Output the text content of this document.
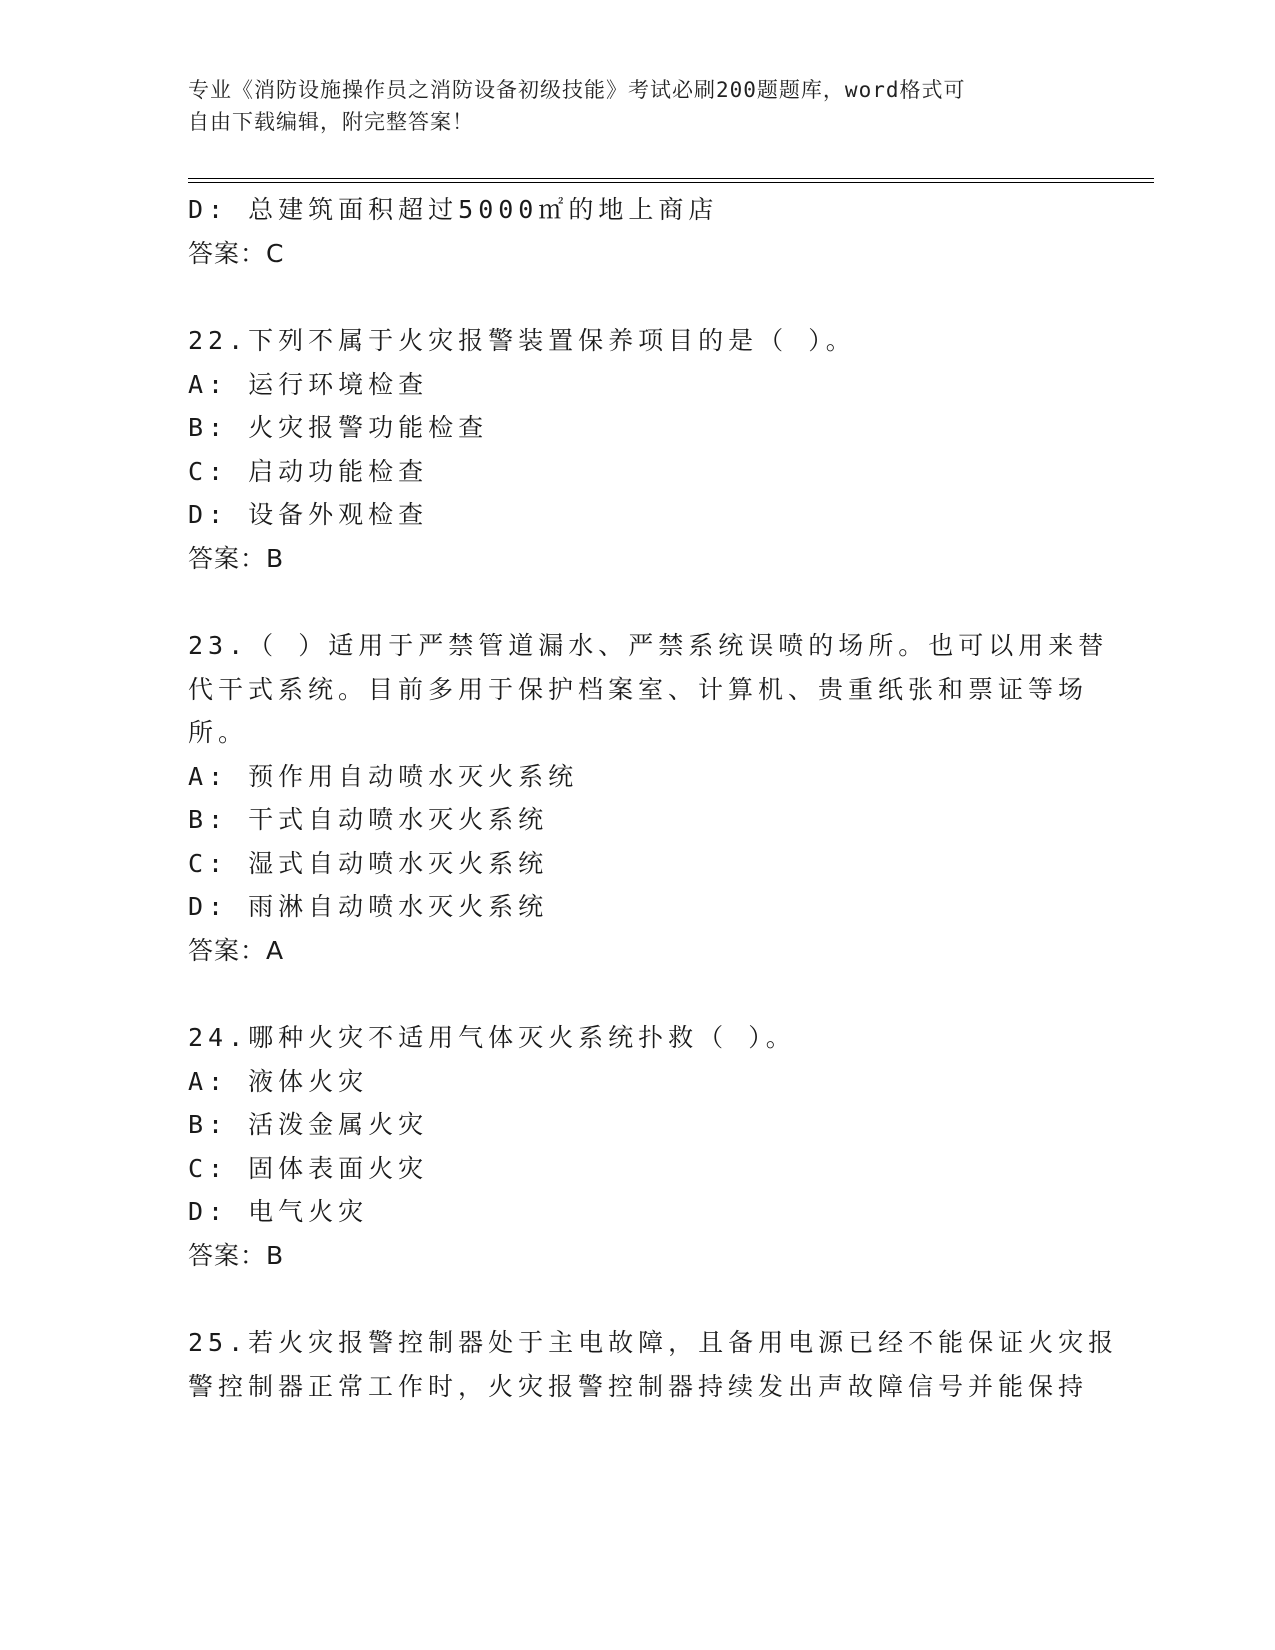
专业《消防设施操作员之消防设备初级技能》考试必刷200题题库，word格式可
自由下载编辑，附完整答案！
D: 总建筑面积超过5000㎡的地上商店
答案：C
22.下列不属于火灾报警装置保养项目的是（ ）。
A: 运行环境检查
B: 火灾报警功能检查
C: 启动功能检查
D: 设备外观检查
答案：B
23.（ ）适用于严禁管道漏水、严禁系统误喷的场所。也可以用来替
代干式系统。目前多用于保护档案室、计算机、贵重纸张和票证等场
所。
A: 预作用自动喷水灭火系统
B: 干式自动喷水灭火系统
C: 湿式自动喷水灭火系统
D: 雨淋自动喷水灭火系统
答案：A
24.哪种火灾不适用气体灭火系统扑救（ ）。
A: 液体火灾
B: 活泼金属火灾
C: 固体表面火灾
D: 电气火灾
答案：B
25.若火灾报警控制器处于主电故障，且备用电源已经不能保证火灾报
警控制器正常工作时，火灾报警控制器持续发出声故障信号并能保持
